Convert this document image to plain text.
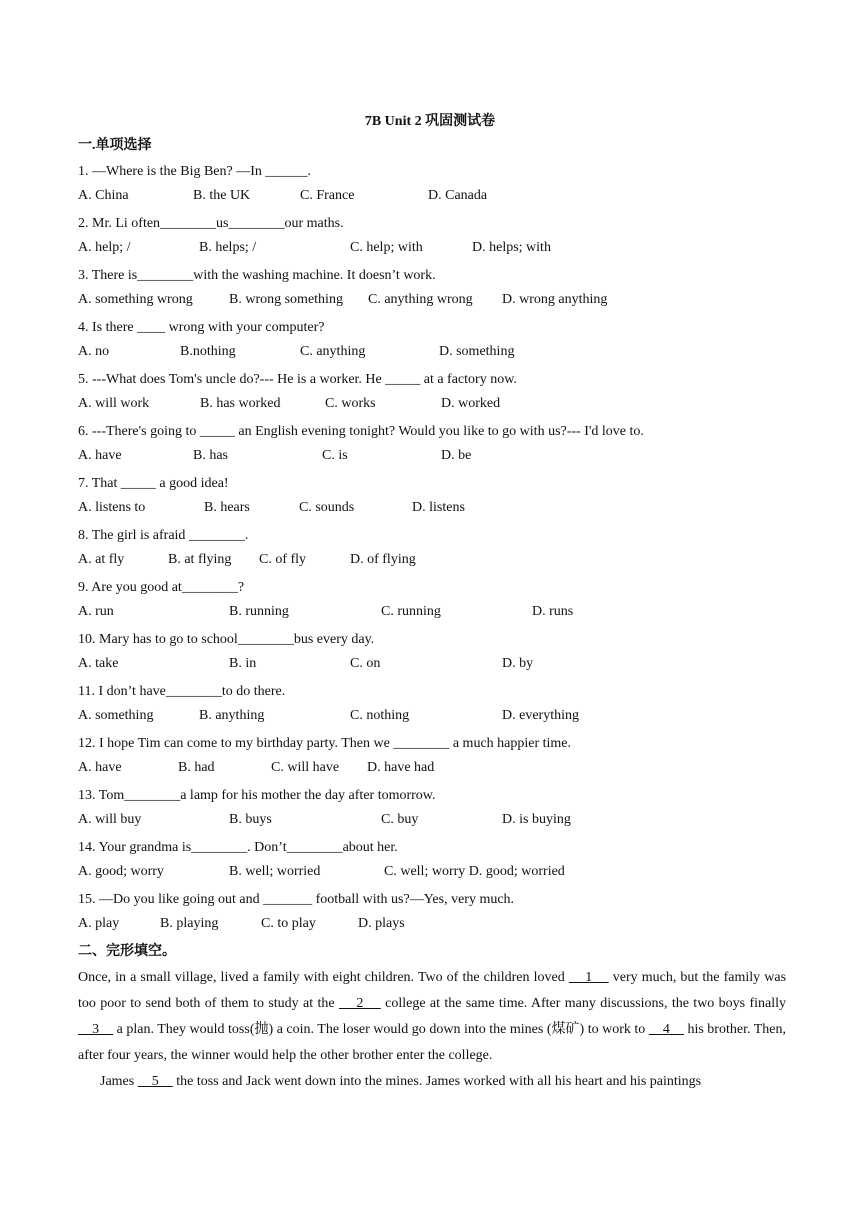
7B Unit 2 巩固测试卷
一.单项选择
1. —Where is the Big Ben? —In ______.
A. China	B. the UK	C. France	D. Canada
2. Mr. Li often________us________our maths.
A. help; /	B. helps; /	C. help; with	D. helps; with
3. There is________with the washing machine. It doesn’t work.
A. something wrong	B. wrong something C. anything wrong D. wrong anything
4. Is there ____ wrong with your computer?
A. no	B.nothing	C. anything	D. something
5. ---What does Tom's uncle do?--- He is a worker. He _____ at a factory now.
A. will work	B. has worked	C. works	D. worked
6. ---There's going to _____ an English evening tonight? Would you like to go with us?--- I'd love to.
A. have	B. has	C. is	D. be
7. That _____ a good idea!
A. listens to	B. hears	C. sounds	D. listens
8. The girl is afraid ________.
A. at fly	B. at flying C. of fly	D. of flying
9. Are you good at________?
A. run	B. running	C. running	D. runs
10. Mary has to go to school________bus every day.
A. take	B. in	C. on	D. by
11. I don’t have________to do there.
A. something	B. anything	C. nothing	D. everything
12. I hope Tim can come to my birthday party. Then we ________ a much happier time.
A. have	B. had	C. will have D. have had
13. Tom________a lamp for his mother the day after tomorrow.
A. will buy	B. buys	C. buy	D. is buying
14. Your grandma is________. Don’t________about her.
A. good; worry	B. well; worried	C. well; worry D. good; worried
15. —Do you like going out and _______ football with us?—Yes, very much.
A. play	B. playing	C. to play	D. plays
二、完形填空。
Once, in a small village, lived a family with eight children. Two of the children loved     1     very much, but the family was too poor to send both of them to study at the     2     college at the same time. After many discussions, the two boys finally     3     a plan. They would toss(抛) a coin. The loser would go down into the mines (煤矿) to work to     4     his brother. Then, after four years, the winner would help the other brother enter the college.
James     5     the toss and Jack went down into the mines. James worked with all his heart and his paintings
